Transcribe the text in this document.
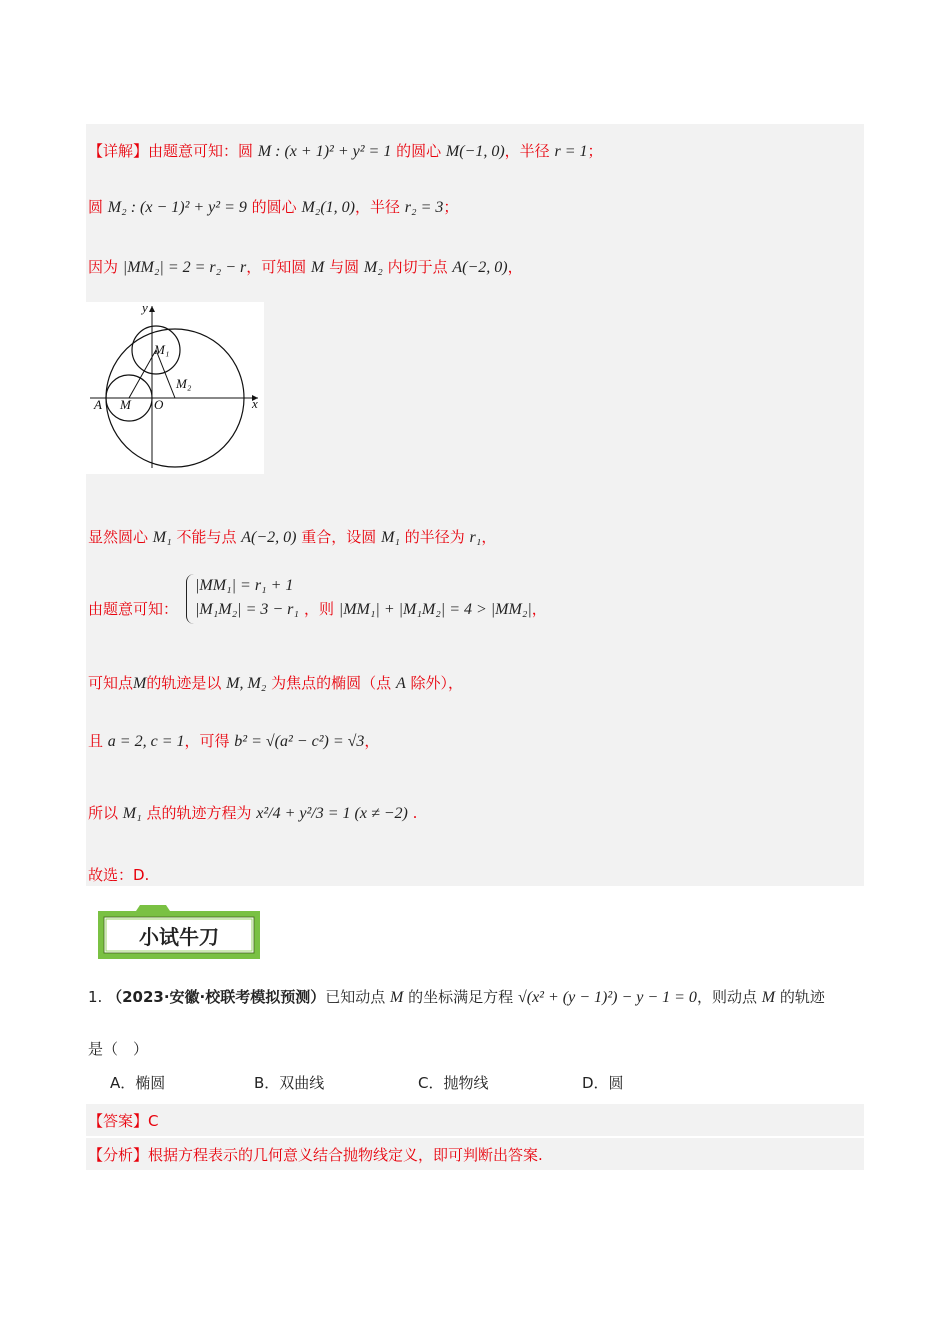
【详解】由题意可知：圆 M : (x + 1)² + y² = 1 的圆心 M(−1, 0)，半径 r = 1；
圆 M₂ : (x − 1)² + y² = 9 的圆心 M₂(1, 0)，半径 r₂ = 3；
因为 |MM₂| = 2 = r₂ − r，可知圆 M 与圆 M₂ 内切于点 A(−2, 0)，
y
M₁
M₂
A M O	x
显然圆心 M₁ 不能与点 A(−2, 0) 重合，设圆 M₁ 的半径为 r₁，
由题意可知：
|MM₁| = r₁ + 1
|M₁M₂| = 3 − r₁ ，则 |MM₁| + |M₁M₂| = 4 > |MM₂|，
可知点M的轨迹是以 M, M₂ 为焦点的椭圆（点 A 除外），
且 a = 2, c = 1，可得 b² = √(a² − c²) = √3，
所以 M₁ 点的轨迹方程为 x²/4 + y²/3 = 1 (x ≠ −2) .
故选：D.
小试牛刀
1. （2023·安徽·校联考模拟预测）已知动点 M 的坐标满足方程 √(x² + (y − 1)²) − y − 1 = 0，则动点 M 的轨迹
是（　）
A．椭圆	B．双曲线	C．抛物线	D．圆
【答案】C
【分析】根据方程表示的几何意义结合抛物线定义，即可判断出答案.
